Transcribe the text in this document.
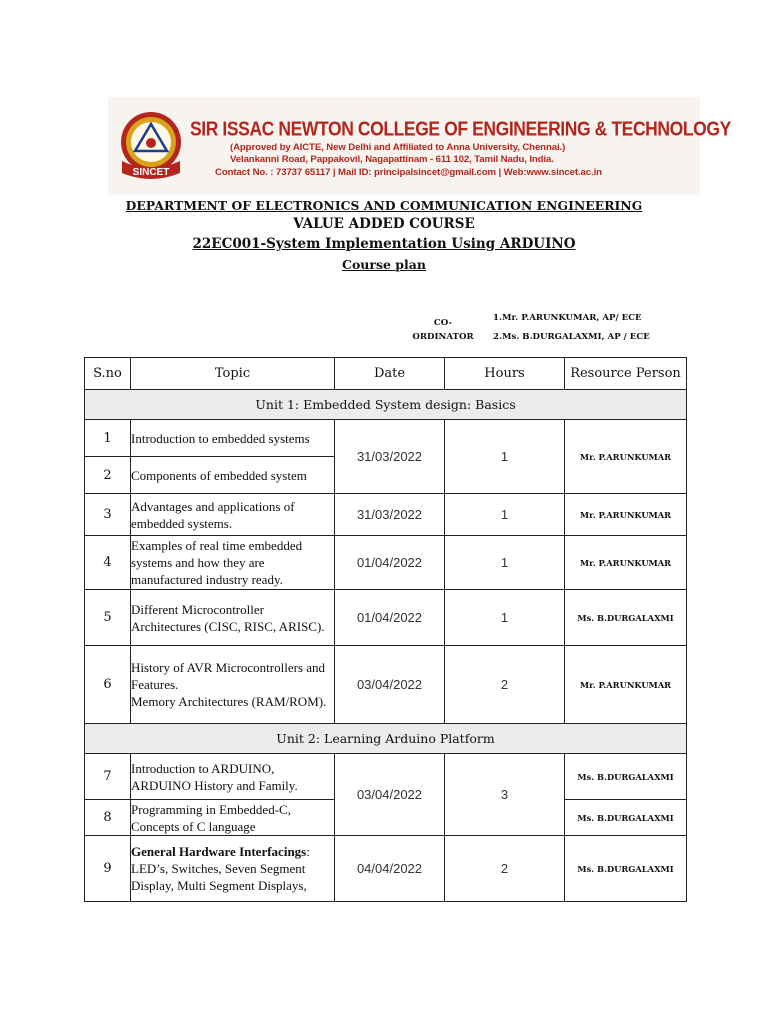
SINCET
SIR ISSAC NEWTON COLLEGE OF ENGINEERING & TECHNOLOGY
(Approved by AICTE, New Delhi and Affiliated to Anna University, Chennai.)
Velankanni Road, Pappakovil, Nagapattinam - 611 102, Tamil Nadu, India.
Contact No. : 73737 65117 | Mail ID: principalsincet@gmail.com | Web:www.sincet.ac.in
DEPARTMENT OF ELECTRONICS AND COMMUNICATION ENGINEERING
VALUE ADDED COURSE
22EC001-System Implementation Using ARDUINO
Course plan
CO-
ORDINATOR
1.Mr. P.ARUNKUMAR, AP/ ECE
2.Ms. B.DURGALAXMI, AP / ECE
S.no	Topic	Date	Hours	Resource Person
Unit 1: Embedded System design: Basics				
1	Introduction to embedded systems	31/03/2022	1	Mr. P.ARUNKUMAR
2	Components of embedded system			
3	Advantages and applications of embedded systems.	31/03/2022	1	Mr. P.ARUNKUMAR
4	Examples of real time embedded systems and how they are manufactured industry ready.	01/04/2022	1	Mr. P.ARUNKUMAR
5	Different Microcontroller Architectures (CISC, RISC, ARISC).	01/04/2022	1	Ms. B.DURGALAXMI
6	History of AVR Microcontrollers and Features.
Memory Architectures (RAM/ROM).	03/04/2022	2	Mr. P.ARUNKUMAR
Unit 2: Learning Arduino Platform				
7	Introduction to ARDUINO, ARDUINO History and Family.	03/04/2022	3	Ms. B.DURGALAXMI
8	Programming in Embedded-C, Concepts of C language			Ms. B.DURGALAXMI
9	General Hardware Interfacings: LED’s, Switches, Seven Segment Display, Multi Segment Displays,	04/04/2022	2	Ms. B.DURGALAXMI
